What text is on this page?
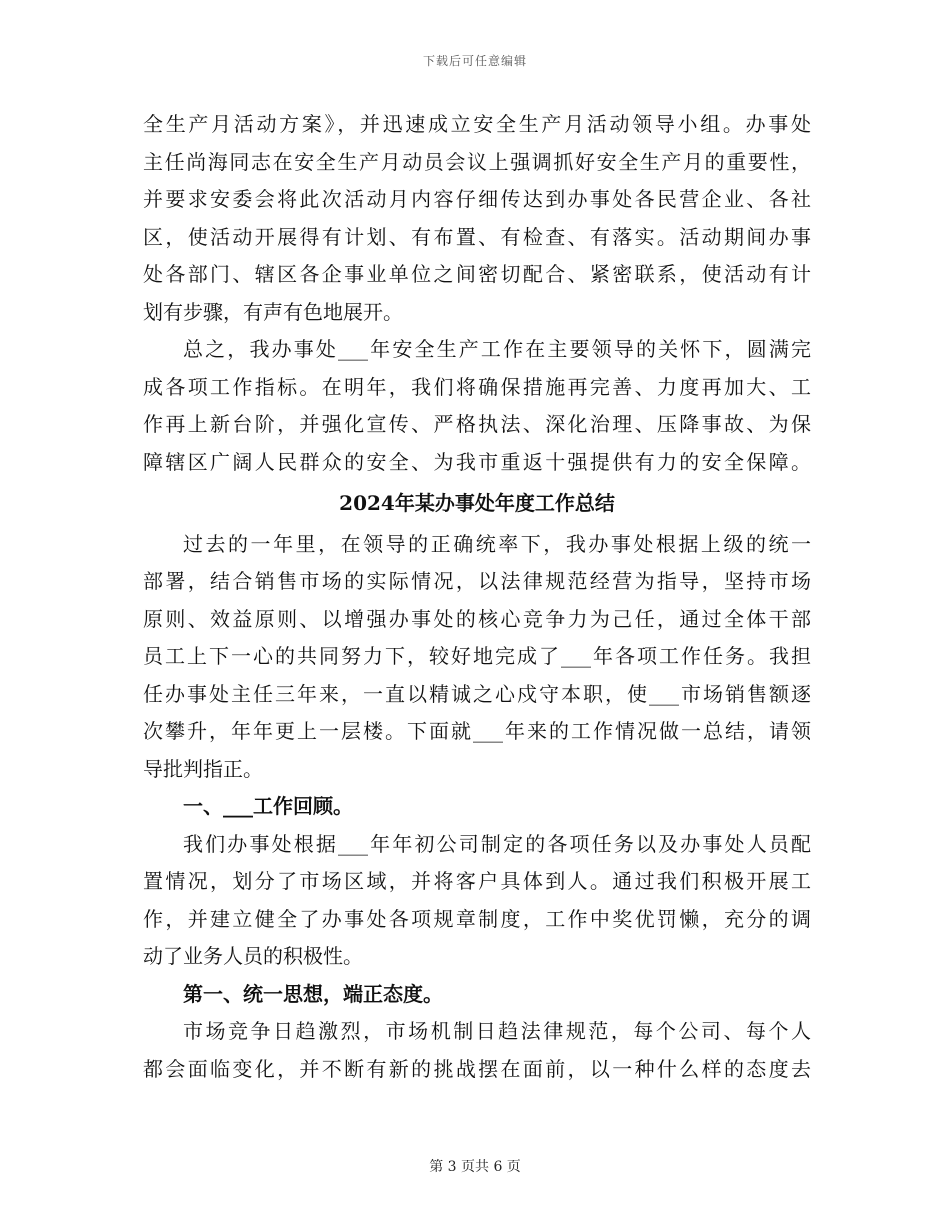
下载后可任意编辑
全生产月活动方案》，并迅速成立安全生产月活动领导小组。办事处
主任尚海同志在安全生产月动员会议上强调抓好安全生产月的重要性，
并要求安委会将此次活动月内容仔细传达到办事处各民营企业、各社
区，使活动开展得有计划、有布置、有检查、有落实。活动期间办事
处各部门、辖区各企事业单位之间密切配合、紧密联系，使活动有计
划有步骤，有声有色地展开。
总之，我办事处___年安全生产工作在主要领导的关怀下，圆满完
成各项工作指标。在明年，我们将确保措施再完善、力度再加大、工
作再上新台阶，并强化宣传、严格执法、深化治理、压降事故、为保
障辖区广阔人民群众的安全、为我市重返十强提供有力的安全保障。
2024年某办事处年度工作总结
过去的一年里，在领导的正确统率下，我办事处根据上级的统一
部署，结合销售市场的实际情况，以法律规范经营为指导，坚持市场
原则、效益原则、以增强办事处的核心竞争力为己任，通过全体干部
员工上下一心的共同努力下，较好地完成了___年各项工作任务。我担
任办事处主任三年来，一直以精诚之心戍守本职，使___市场销售额逐
次攀升，年年更上一层楼。下面就___年来的工作情况做一总结，请领
导批判指正。
一、___工作回顾。
我们办事处根据___年年初公司制定的各项任务以及办事处人员配
置情况，划分了市场区域，并将客户具体到人。通过我们积极开展工
作，并建立健全了办事处各项规章制度，工作中奖优罚懒，充分的调
动了业务人员的积极性。
第一、统一思想，端正态度。
市场竞争日趋激烈，市场机制日趋法律规范，每个公司、每个人
都会面临变化，并不断有新的挑战摆在面前，以一种什么样的态度去
第 3 页共 6 页
